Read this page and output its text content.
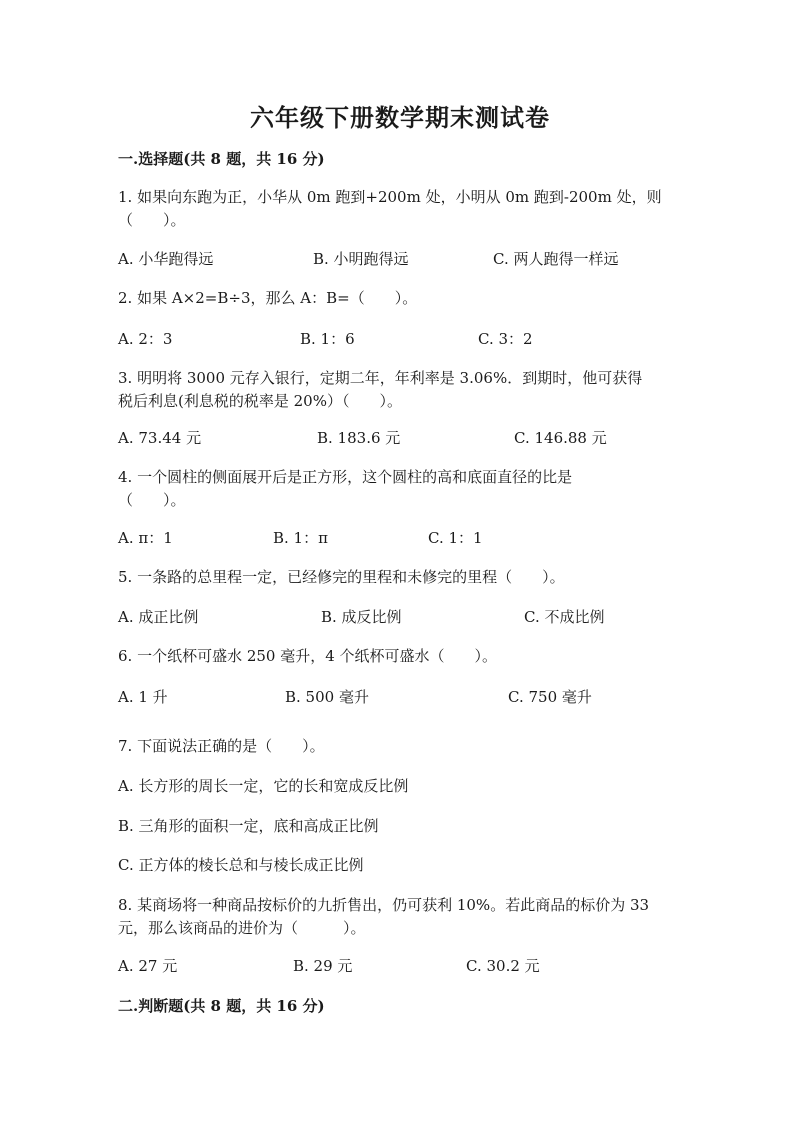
六年级下册数学期末测试卷
一.选择题(共 8 题，共 16 分)
1. 如果向东跑为正，小华从 0m 跑到+200m 处，小明从 0m 跑到-200m 处，则
（　　）。
A. 小华跑得远	B. 小明跑得远	C. 两人跑得一样远
2. 如果 A×2=B÷3，那么 A：B=（　　）。
A. 2：3	B. 1：6	C. 3：2
3. 明明将 3000 元存入银行，定期二年，年利率是 3.06%．到期时，他可获得
税后利息(利息税的税率是 20%）（　　）。
A. 73.44 元	B. 183.6 元	C. 146.88 元
4. 一个圆柱的侧面展开后是正方形，这个圆柱的高和底面直径的比是
（　　）。
A. π：1	B. 1：π	C. 1：1
5. 一条路的总里程一定，已经修完的里程和未修完的里程（　　）。
A. 成正比例	B. 成反比例	C. 不成比例
6. 一个纸杯可盛水 250 毫升，4 个纸杯可盛水（　　）。
A. 1 升	B. 500 毫升	C. 750 毫升
7. 下面说法正确的是（　　）。
A. 长方形的周长一定，它的长和宽成反比例
B. 三角形的面积一定，底和高成正比例
C. 正方体的棱长总和与棱长成正比例
8. 某商场将一种商品按标价的九折售出，仍可获利 10%。若此商品的标价为 33
元，那么该商品的进价为（　　　）。
A. 27 元	B. 29 元	C. 30.2 元
二.判断题(共 8 题，共 16 分)
